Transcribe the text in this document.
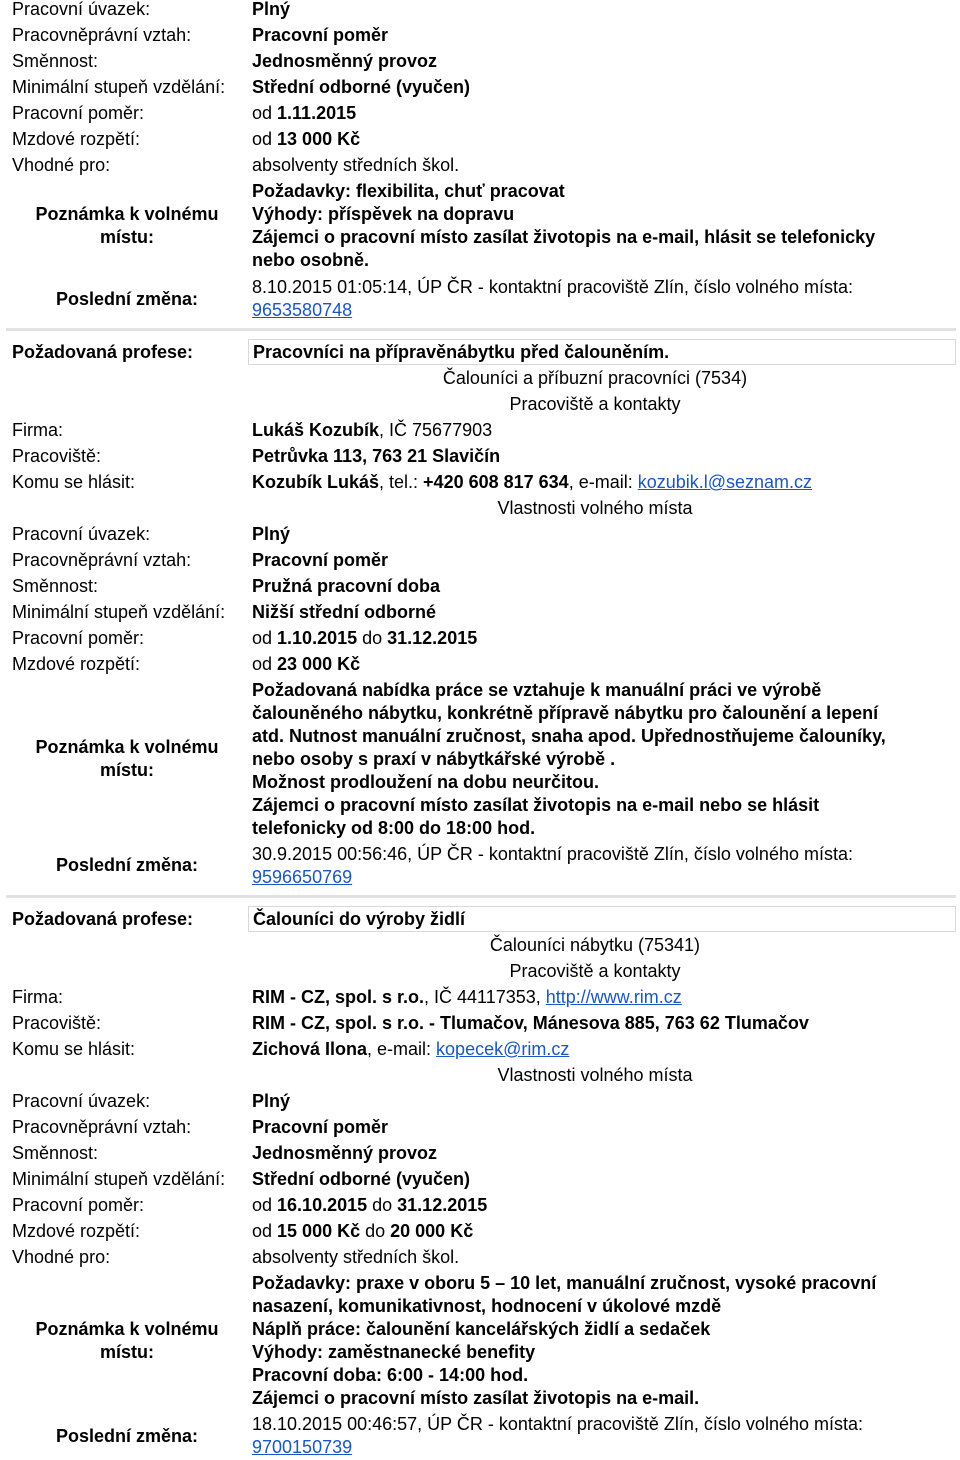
Pracovní úvazek:	Plný
Pracovněprávní vztah:	Pracovní poměr
Směnnost:	Jednosměnný provoz
Minimální stupeň vzdělání: Střední odborné (vyučen)
Pracovní poměr:	od 1.11.2015
Mzdové rozpětí:	od 13 000 Kč
Vhodné pro:	absolventy středních škol.
Poznámka k volnému místu:
Požadavky: flexibilita, chuť pracovat
Výhody: příspěvek na dopravu
Zájemci o pracovní místo zasílat životopis na e-mail, hlásit se telefonicky
nebo osobně.
Poslední změna:
8.10.2015 01:05:14, ÚP ČR - kontaktní pracoviště Zlín, číslo volného místa:
9653580748
Požadovaná profese:	Pracovníci na přípravěnábytku před čalouněním.
Čalouníci a příbuzní pracovníci (7534)
Pracoviště a kontakty
Firma:	Lukáš Kozubík, IČ 75677903
Pracoviště:	Petrůvka 113, 763 21 Slavičín
Komu se hlásit:	Kozubík Lukáš, tel.: +420 608 817 634, e-mail: kozubik.l@seznam.cz
Vlastnosti volného místa
Pracovní úvazek:	Plný
Pracovněprávní vztah:	Pracovní poměr
Směnnost:	Pružná pracovní doba
Minimální stupeň vzdělání: Nižší střední odborné
Pracovní poměr:	od 1.10.2015 do 31.12.2015
Mzdové rozpětí:	od 23 000 Kč
Poznámka k volnému místu:
Požadovaná nabídka práce se vztahuje k manuální práci ve výrobě
čalouněného nábytku, konkrétně přípravě nábytku pro čalounění a lepení
atd. Nutnost manuální zručnost, snaha apod. Upřednostňujeme čalouníky,
nebo osoby s praxí v nábytkářské výrobě .
Možnost prodloužení na dobu neurčitou.
Zájemci o pracovní místo zasílat životopis na e-mail nebo se hlásit
telefonicky od 8:00 do 18:00 hod.
Poslední změna:
30.9.2015 00:56:46, ÚP ČR - kontaktní pracoviště Zlín, číslo volného místa:
9596650769
Požadovaná profese:	Čalouníci do výroby židlí
Čalouníci nábytku (75341)
Pracoviště a kontakty
Firma:	RIM - CZ, spol. s r.o., IČ 44117353, http://www.rim.cz
Pracoviště:	RIM - CZ, spol. s r.o. - Tlumačov, Mánesova 885, 763 62 Tlumačov
Komu se hlásit:	Zichová Ilona, e-mail: kopecek@rim.cz
Vlastnosti volného místa
Pracovní úvazek:	Plný
Pracovněprávní vztah:	Pracovní poměr
Směnnost:	Jednosměnný provoz
Minimální stupeň vzdělání: Střední odborné (vyučen)
Pracovní poměr:	od 16.10.2015 do 31.12.2015
Mzdové rozpětí:	od 15 000 Kč do 20 000 Kč
Vhodné pro:	absolventy středních škol.
Poznámka k volnému místu:
Požadavky: praxe v oboru 5 – 10 let, manuální zručnost, vysoké pracovní
nasazení, komunikativnost, hodnocení v úkolové mzdě
Náplň práce: čalounění kancelářských židlí a sedaček
Výhody: zaměstnanecké benefity
Pracovní doba: 6:00 - 14:00 hod.
Zájemci o pracovní místo zasílat životopis na e-mail.
Poslední změna:
18.10.2015 00:46:57, ÚP ČR - kontaktní pracoviště Zlín, číslo volného místa:
9700150739
